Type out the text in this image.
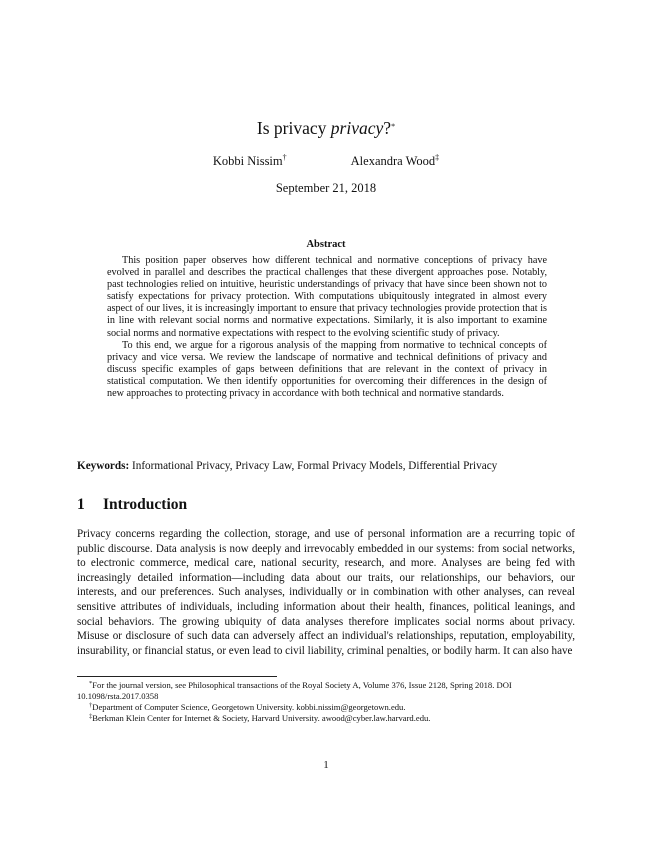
Is privacy privacy?*
Kobbi Nissim†	Alexandra Wood‡
September 21, 2018
Abstract

This position paper observes how different technical and normative conceptions of privacy have evolved in parallel and describes the practical challenges that these divergent approaches pose. Notably, past technologies relied on intuitive, heuristic understandings of privacy that have since been shown not to satisfy expectations for privacy protection. With computations ubiquitously integrated in almost every aspect of our lives, it is increasingly important to ensure that privacy technologies provide protection that is in line with relevant social norms and normative expectations. Similarly, it is also important to examine social norms and normative expectations with respect to the evolving scientific study of privacy.

To this end, we argue for a rigorous analysis of the mapping from normative to technical concepts of privacy and vice versa. We review the landscape of normative and technical definitions of privacy and discuss specific examples of gaps between definitions that are relevant in the context of privacy in statistical computation. We then identify opportunities for overcoming their differences in the design of new approaches to protecting privacy in accordance with both technical and normative standards.

Keywords: Informational Privacy, Privacy Law, Formal Privacy Models, Differential Privacy
1 Introduction

Privacy concerns regarding the collection, storage, and use of personal information are a recurring topic of public discourse. Data analysis is now deeply and irrevocably embedded in our systems: from social networks, to electronic commerce, medical care, national security, research, and more. Analyses are being fed with increasingly detailed information—including data about our traits, our relationships, our behaviors, our interests, and our preferences. Such analyses, individually or in combination with other analyses, can reveal sensitive attributes of individuals, including information about their health, finances, political leanings, and social behaviors. The growing ubiquity of data analyses therefore implicates social norms about privacy. Misuse or disclosure of such data can adversely affect an individual's relationships, reputation, employability, insurability, or financial status, or even lead to civil liability, criminal penalties, or bodily harm. It can also have

*For the journal version, see Philosophical transactions of the Royal Society A, Volume 376, Issue 2128, Spring 2018. DOI 10.1098/rsta.2017.0358
†Department of Computer Science, Georgetown University. kobbi.nissim@georgetown.edu.
‡Berkman Klein Center for Internet & Society, Harvard University. awood@cyber.law.harvard.edu.
1
